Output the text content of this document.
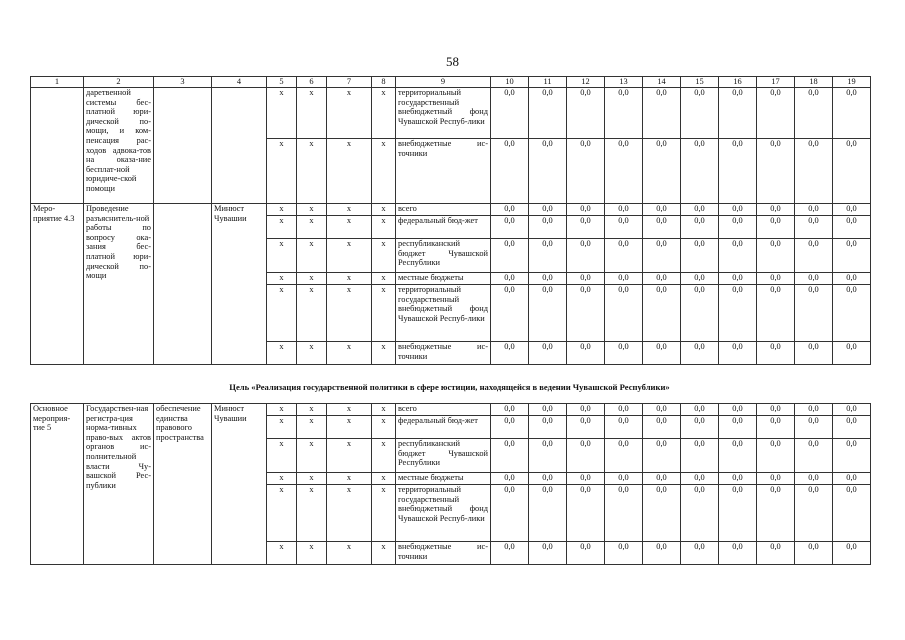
58
1	2	3	4	5	6	7	8	9	10	11	12	13	14	15	16	17	18	19
	даретвенной системы бес-платной юри-дической по-мощи, и ком-пенсация рас-ходов адвока-тов на оказа-ние бесплат-ной юридиче-ской помощи			х	х	х	х	территориальный государственный внебюджетный фонд Чувашской Респуб-лики	0,0	0,0	0,0	0,0	0,0	0,0	0,0	0,0	0,0	0,0
				х	х	х	х	внебюджетные ис-точники	0,0	0,0	0,0	0,0	0,0	0,0	0,0	0,0	0,0	0,0
Меро-приятие 4.3	Проведение разъяснитель-ной работы по вопросу ока-зания бес-платной юри-дической по-мощи		Минюст Чувашии	х	х	х	х	всего	0,0	0,0	0,0	0,0	0,0	0,0	0,0	0,0	0,0	0,0
				х	х	х	х	федеральный бюд-жет	0,0	0,0	0,0	0,0	0,0	0,0	0,0	0,0	0,0	0,0
				х	х	х	х	республиканский бюджет Чувашской Республики	0,0	0,0	0,0	0,0	0,0	0,0	0,0	0,0	0,0	0,0
				х	х	х	х	местные бюджеты	0,0	0,0	0,0	0,0	0,0	0,0	0,0	0,0	0,0	0,0
				х	х	х	х	территориальный государственный внебюджетный фонд Чувашской Респуб-лики	0,0	0,0	0,0	0,0	0,0	0,0	0,0	0,0	0,0	0,0
				х	х	х	х	внебюджетные ис-точники	0,0	0,0	0,0	0,0	0,0	0,0	0,0	0,0	0,0	0,0
Цель «Реализация государственной политики в сфере юстиции, находящейся в ведении Чувашской Республики»
Основное мероприя-тие 5	Государствен-ная регистра-ция норма-тивных право-вых актов органов ис-полнительной власти Чу-вашской Рес-публики	обеспечение единства правового пространства	Минюст Чувашии	х	х	х	х	всего	0,0	0,0	0,0	0,0	0,0	0,0	0,0	0,0	0,0	0,0
				х	х	х	х	федеральный бюд-жет	0,0	0,0	0,0	0,0	0,0	0,0	0,0	0,0	0,0	0,0
				х	х	х	х	республиканский бюджет Чувашской Республики	0,0	0,0	0,0	0,0	0,0	0,0	0,0	0,0	0,0	0,0
				х	х	х	х	местные бюджеты	0,0	0,0	0,0	0,0	0,0	0,0	0,0	0,0	0,0	0,0
				х	х	х	х	территориальный государственный внебюджетный фонд Чувашской Респуб-лики	0,0	0,0	0,0	0,0	0,0	0,0	0,0	0,0	0,0	0,0
				х	х	х	х	внебюджетные ис-точники	0,0	0,0	0,0	0,0	0,0	0,0	0,0	0,0	0,0	0,0
